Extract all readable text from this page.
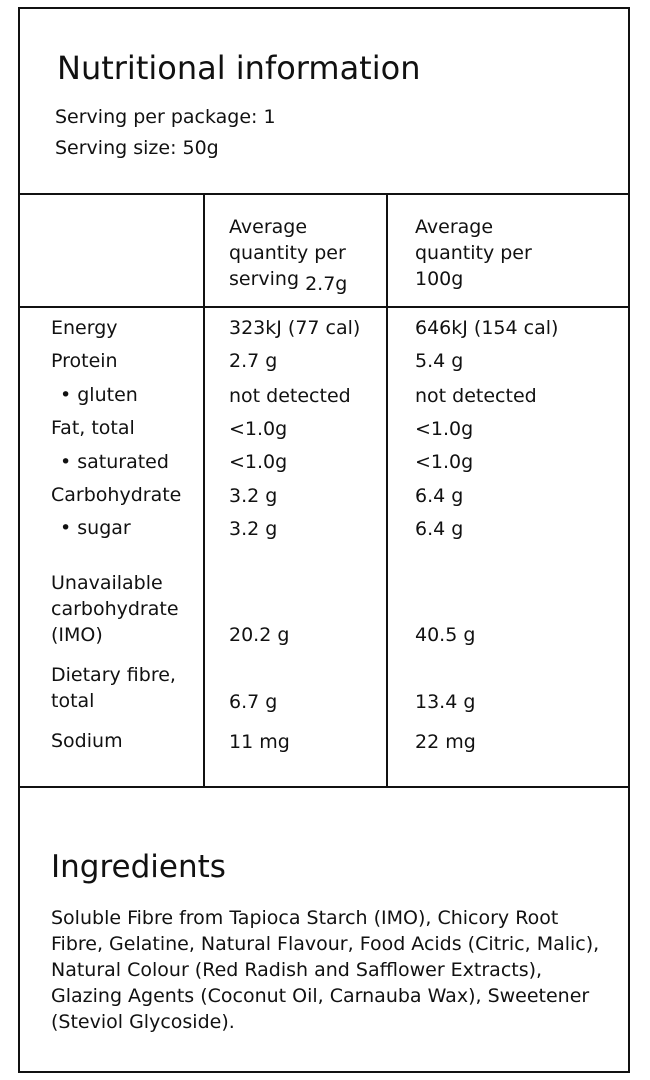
Nutritional information
Serving per package: 1
Serving size: 50g
Average quantity per serving 2.7g
Average quantity per 100g
Energy	323kJ (77 cal)	646kJ (154 cal)
Protein	2.7 g	5.4 g
• gluten	not detected	not detected
Fat, total	<1.0g	<1.0g
• saturated	<1.0g	<1.0g
Carbohydrate	3.2 g	6.4 g
• sugar	3.2 g	6.4 g
Unavailable carbohydrate (IMO)	20.2 g	40.5 g
Dietary fibre, total	6.7 g	13.4 g
Sodium	11 mg	22 mg
Ingredients
Soluble Fibre from Tapioca Starch (IMO), Chicory Root Fibre, Gelatine, Natural Flavour, Food Acids (Citric, Malic), Natural Colour (Red Radish and Safflower Extracts), Glazing Agents (Coconut Oil, Carnauba Wax), Sweetener (Steviol Glycoside).
